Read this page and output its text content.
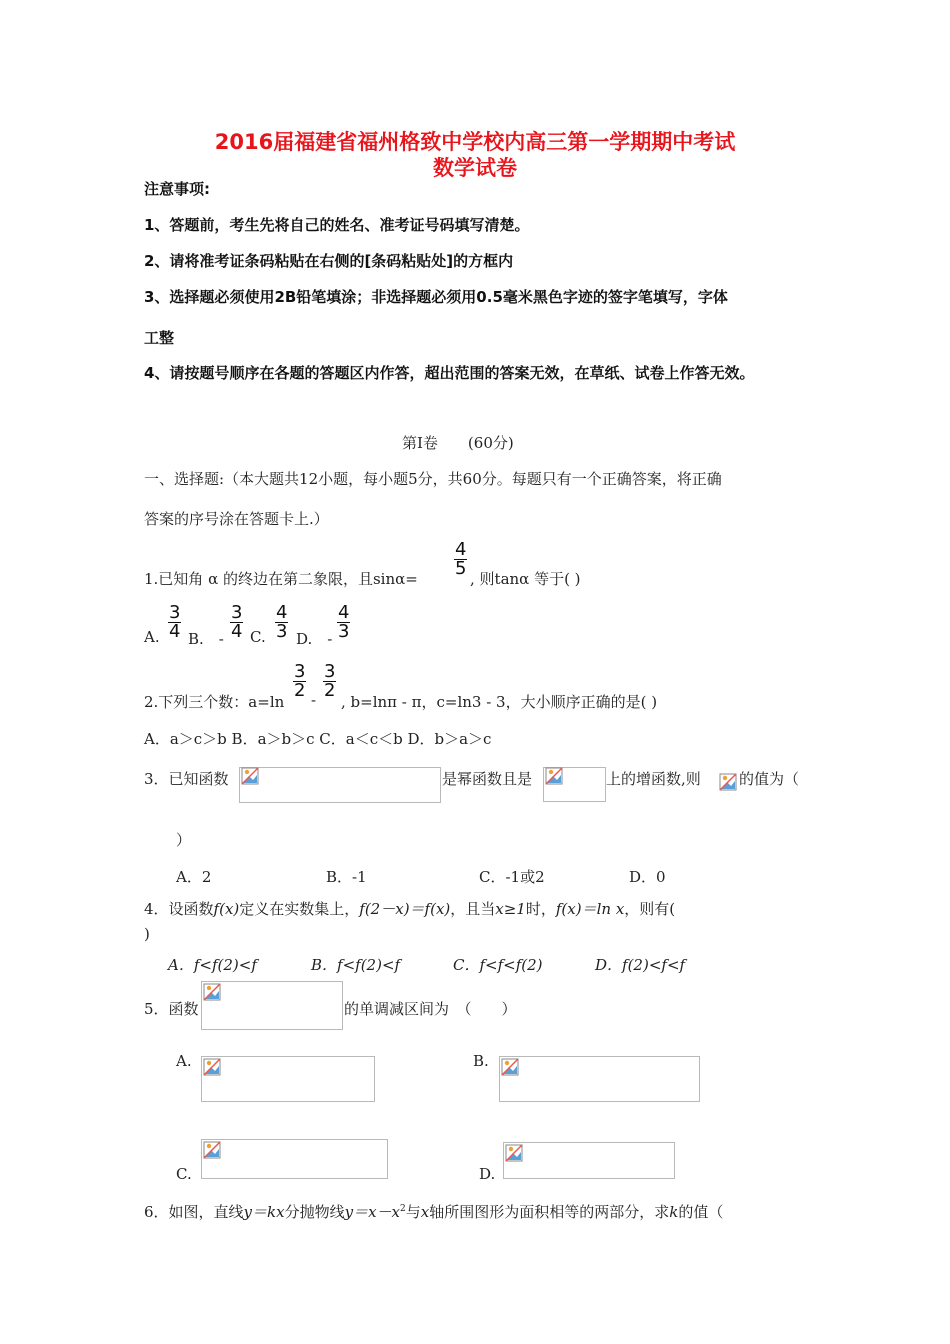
2016届福建省福州格致中学校内高三第一学期期中考试
数学试卷
注意事项:
1、答题前，考生先将自己的姓名、准考证号码填写清楚。
2、请将准考证条码粘贴在右侧的[条码粘贴处]的方框内
3、选择题必须使用2B铅笔填涂；非选择题必须用0.5毫米黑色字迹的签字笔填写，字体
工整
4、请按题号顺序在各题的答题区内作答，超出范围的答案无效，在草纸、试卷上作答无效。
第Ⅰ卷　　(60分)
一、选择题:（本大题共12小题，每小题5分，共60分。每题只有一个正确答案，将正确
答案的序号涂在答题卡上.）
1.已知角 α 的终边在第二象限，且sinα=
$\frac{4}{5}$
, 则tanα 等于( )
A. $\frac{3}{4} B$.　- $\frac{3}{4} C$. $\frac{4}{3} D$.　- $\frac{4}{3}$
2.下列三个数：a=ln
$\frac{3}{2} - \frac{3}{2}$
, b=lnπ - π，c=ln3 - 3，大小顺序正确的是( )
A．a＞c＞b B．a＞b＞c C．a＜c＜b D．b＞a＞c
3．已知函数	是幂函数且是	上的增函数,则	的值为（
）
A．2	B．-1	C．-1或2	D．0
4．设函数f(x)定义在实数集上，f(2－x)＝f(x)，且当x≥1时，f(x)＝ln x，则有(
)
A．f<f(2)<f	B．f<f(2)<f	C．f<f<f(2)	D．f(2)<f<f
5．函数	的单调减区间为　（　　）
A.	B.
C.	D.
6．如图，直线y＝kx分抛物线$y=x-x^2$与x轴所围图形为面积相等的两部分，求k的值（
